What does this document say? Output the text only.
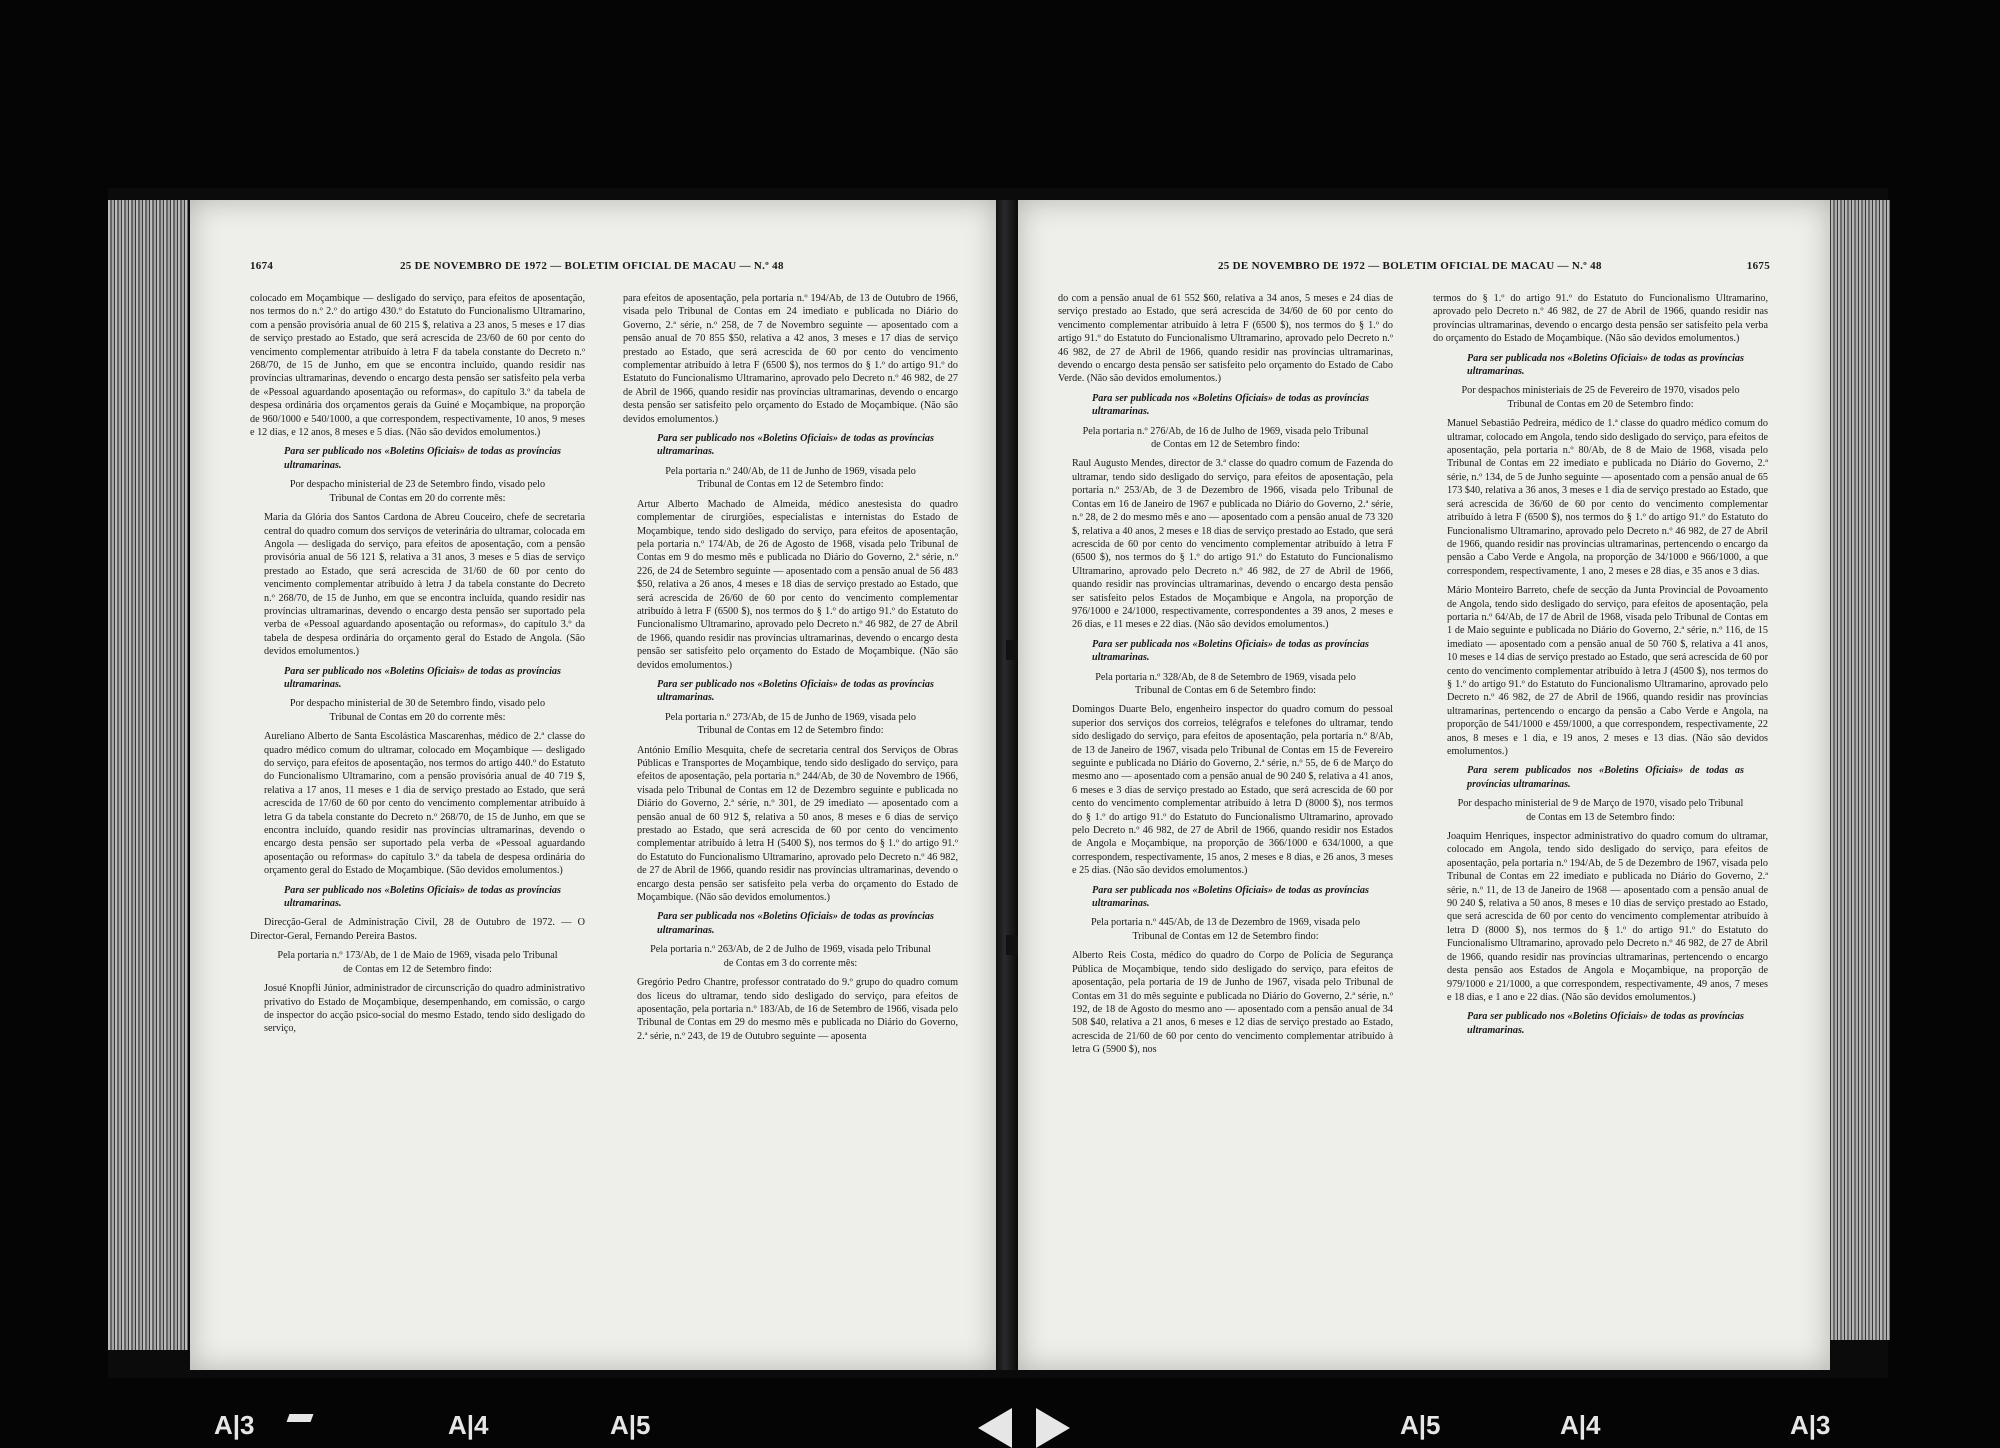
1674	25 DE NOVEMBRO DE 1972 — BOLETIM OFICIAL DE MACAU — N.º 48

colocado em Moçambique — desligado do serviço, para efeitos de aposentação, nos termos do n.º 2.º do artigo 430.º do Estatuto do Funcionalismo Ultramarino, com a pensão provisória anual de 60 215 $, relativa a 23 anos, 5 meses e 17 dias de serviço prestado ao Estado, que será acrescida de 23/60 de 60 por cento do vencimento complementar atribuído à letra F da tabela constante do Decreto n.º 268/70, de 15 de Junho, em que se encontra incluído, quando residir nas províncias ultramarinas, devendo o encargo desta pensão ser satisfeito pela verba de «Pessoal aguardando aposentação ou reformas», do capítulo 3.º da tabela de despesa ordinária dos orçamentos gerais da Guiné e Moçambique, na proporção de 960/1000 e 540/1000, a que correspondem, respectivamente, 10 anos, 9 meses e 12 dias, e 12 anos, 8 meses e 5 dias. (Não são devidos emolumentos.)

Para ser publicado nos «Boletins Oficiais» de todas as províncias ultramarinas.

Por despacho ministerial de 23 de Setembro findo, visado pelo Tribunal de Contas em 20 do corrente mês:

Maria da Glória dos Santos Cardona de Abreu Couceiro, chefe de secretaria central do quadro comum dos serviços de veterinária do ultramar, colocada em Angola — desligada do serviço, para efeitos de aposentação, com a pensão provisória anual de 56 121 $, relativa a 31 anos, 3 meses e 5 dias de serviço prestado ao Estado, que será acrescida de 31/60 de 60 por cento do vencimento complementar atribuído à letra J da tabela constante do Decreto n.º 268/70, de 15 de Junho, em que se encontra incluída, quando residir nas províncias ultramarinas, devendo o encargo desta pensão ser suportado pela verba de «Pessoal aguardando aposentação ou reformas», do capítulo 3.º da tabela de despesa ordinária do orçamento geral do Estado de Angola. (São devidos emolumentos.)

Para ser publicado nos «Boletins Oficiais» de todas as províncias ultramarinas.

Por despacho ministerial de 30 de Setembro findo, visado pelo Tribunal de Contas em 20 do corrente mês:

Aureliano Alberto de Santa Escolástica Mascarenhas, médico de 2.ª classe do quadro médico comum do ultramar, colocado em Moçambique — desligado do serviço, para efeitos de aposentação, nos termos do artigo 440.º do Estatuto do Funcionalismo Ultramarino, com a pensão provisória anual de 40 719 $, relativa a 17 anos, 11 meses e 1 dia de serviço prestado ao Estado, que será acrescida de 17/60 de 60 por cento do vencimento complementar atribuído à letra G da tabela constante do Decreto n.º 268/70, de 15 de Junho, em que se encontra incluído, quando residir nas províncias ultramarinas, devendo o encargo desta pensão ser suportado pela verba de «Pessoal aguardando aposentação ou reformas» do capítulo 3.º da tabela de despesa ordinária do orçamento geral do Estado de Moçambique. (São devidos emolumentos.)

Para ser publicado nos «Boletins Oficiais» de todas as províncias ultramarinas.

Direcção-Geral de Administração Civil, 28 de Outubro de 1972. — O Director-Geral, Fernando Pereira Bastos.

Pela portaria n.º 173/Ab, de 1 de Maio de 1969, visada pelo Tribunal de Contas em 12 de Setembro findo:

Josué Knopfli Júnior, administrador de circunscrição do quadro administrativo privativo do Estado de Moçambique, desempenhando, em comissão, o cargo de inspector do acção psico-social do mesmo Estado, tendo sido desligado do serviço,

para efeitos de aposentação, pela portaria n.º 194/Ab, de 13 de Outubro de 1966, visada pelo Tribunal de Contas em 24 imediato e publicada no Diário do Governo, 2.ª série, n.º 258, de 7 de Novembro seguinte — aposentado com a pensão anual de 70 855 $50, relativa a 42 anos, 3 meses e 17 dias de serviço prestado ao Estado, que será acrescida de 60 por cento do vencimento complementar atribuído à letra F (6500 $), nos termos do § 1.º do artigo 91.º do Estatuto do Funcionalismo Ultramarino, aprovado pelo Decreto n.º 46 982, de 27 de Abril de 1966, quando residir nas províncias ultramarinas, devendo o encargo desta pensão ser satisfeito pelo orçamento do Estado de Moçambique. (Não são devidos emolumentos.)

Para ser publicado nos «Boletins Oficiais» de todas as províncias ultramarinas.

Pela portaria n.º 240/Ab, de 11 de Junho de 1969, visada pelo Tribunal de Contas em 12 de Setembro findo:

Artur Alberto Machado de Almeida, médico anestesista do quadro complementar de cirurgiões, especialistas e internistas do Estado de Moçambique, tendo sido desligado do serviço, para efeitos de aposentação, pela portaria n.º 174/Ab, de 26 de Agosto de 1968, visada pelo Tribunal de Contas em 9 do mesmo mês e publicada no Diário do Governo, 2.ª série, n.º 226, de 24 de Setembro seguinte — aposentado com a pensão anual de 56 483 $50, relativa a 26 anos, 4 meses e 18 dias de serviço prestado ao Estado, que será acrescida de 26/60 de 60 por cento do vencimento complementar atribuído à letra F (6500 $), nos termos do § 1.º do artigo 91.º do Estatuto do Funcionalismo Ultramarino, aprovado pelo Decreto n.º 46 982, de 27 de Abril de 1966, quando residir nas províncias ultramarinas, devendo o encargo desta pensão ser satisfeito pelo orçamento do Estado de Moçambique. (Não são devidos emolumentos.)

Para ser publicado nos «Boletins Oficiais» de todas as províncias ultramarinas.

Pela portaria n.º 273/Ab, de 15 de Junho de 1969, visada pelo Tribunal de Contas em 12 de Setembro findo:

António Emílio Mesquita, chefe de secretaria central dos Serviços de Obras Públicas e Transportes de Moçambique, tendo sido desligado do serviço, para efeitos de aposentação, pela portaria n.º 244/Ab, de 30 de Novembro de 1966, visada pelo Tribunal de Contas em 12 de Dezembro seguinte e publicada no Diário do Governo, 2.ª série, n.º 301, de 29 imediato — aposentado com a pensão anual de 60 912 $, relativa a 50 anos, 8 meses e 6 dias de serviço prestado ao Estado, que será acrescida de 60 por cento do vencimento complementar atribuído à letra H (5400 $), nos termos do § 1.º do artigo 91.º do Estatuto do Funcionalismo Ultramarino, aprovado pelo Decreto n.º 46 982, de 27 de Abril de 1966, quando residir nas províncias ultramarinas, devendo o encargo desta pensão ser satisfeito pela verba do orçamento do Estado de Moçambique. (Não são devidos emolumentos.)

Para ser publicada nos «Boletins Oficiais» de todas as províncias ultramarinas.

Pela portaria n.º 263/Ab, de 2 de Julho de 1969, visada pelo Tribunal de Contas em 3 do corrente mês:

Gregório Pedro Chantre, professor contratado do 9.º grupo do quadro comum dos liceus do ultramar, tendo sido desligado do serviço, para efeitos de aposentação, pela portaria n.º 183/Ab, de 16 de Setembro de 1966, visada pelo Tribunal de Contas em 29 do mesmo mês e publicada no Diário do Governo, 2.ª série, n.º 243, de 19 de Outubro seguinte — aposenta

25 DE NOVEMBRO DE 1972 — BOLETIM OFICIAL DE MACAU — N.º 48	1675

do com a pensão anual de 61 552 $60, relativa a 34 anos, 5 meses e 24 dias de serviço prestado ao Estado, que será acrescida de 34/60 de 60 por cento do vencimento complementar atribuído à letra F (6500 $), nos termos do § 1.º do artigo 91.º do Estatuto do Funcionalismo Ultramarino, aprovado pelo Decreto n.º 46 982, de 27 de Abril de 1966, quando residir nas províncias ultramarinas, devendo o encargo desta pensão ser satisfeito pelo orçamento do Estado de Cabo Verde. (Não são devidos emolumentos.)

Para ser publicada nos «Boletins Oficiais» de todas as províncias ultramarinas.

Pela portaria n.º 276/Ab, de 16 de Julho de 1969, visada pelo Tribunal de Contas em 12 de Setembro findo:

Raul Augusto Mendes, director de 3.ª classe do quadro comum de Fazenda do ultramar, tendo sido desligado do serviço, para efeitos de aposentação, pela portaria n.º 253/Ab, de 3 de Dezembro de 1966, visada pelo Tribunal de Contas em 16 de Janeiro de 1967 e publicada no Diário do Governo, 2.ª série, n.º 28, de 2 do mesmo mês e ano — aposentado com a pensão anual de 73 320 $, relativa a 40 anos, 2 meses e 18 dias de serviço prestado ao Estado, que será acrescida de 60 por cento do vencimento complementar atribuído à letra F (6500 $), nos termos do § 1.º do artigo 91.º do Estatuto do Funcionalismo Ultramarino, aprovado pelo Decreto n.º 46 982, de 27 de Abril de 1966, quando residir nas províncias ultramarinas, devendo o encargo desta pensão ser satisfeito pelos Estados de Moçambique e Angola, na proporção de 976/1000 e 24/1000, respectivamente, correspondentes a 39 anos, 2 meses e 26 dias, e 11 meses e 22 dias. (Não são devidos emolumentos.)

Para ser publicada nos «Boletins Oficiais» de todas as províncias ultramarinas.

Pela portaria n.º 328/Ab, de 8 de Setembro de 1969, visada pelo Tribunal de Contas em 6 de Setembro findo:

Domingos Duarte Belo, engenheiro inspector do quadro comum do pessoal superior dos serviços dos correios, telégrafos e telefones do ultramar, tendo sido desligado do serviço, para efeitos de aposentação, pela portaria n.º 8/Ab, de 13 de Janeiro de 1967, visada pelo Tribunal de Contas em 15 de Fevereiro seguinte e publicada no Diário do Governo, 2.ª série, n.º 55, de 6 de Março do mesmo ano — aposentado com a pensão anual de 90 240 $, relativa a 41 anos, 6 meses e 3 dias de serviço prestado ao Estado, que será acrescida de 60 por cento do vencimento complementar atribuído à letra D (8000 $), nos termos do § 1.º do artigo 91.º do Estatuto do Funcionalismo Ultramarino, aprovado pelo Decreto n.º 46 982, de 27 de Abril de 1966, quando residir nos Estados de Angola e Moçambique, na proporção de 366/1000 e 634/1000, a que correspondem, respectivamente, 15 anos, 2 meses e 8 dias, e 26 anos, 3 meses e 25 dias. (Não são devidos emolumentos.)

Para ser publicada nos «Boletins Oficiais» de todas as províncias ultramarinas.

Pela portaria n.º 445/Ab, de 13 de Dezembro de 1969, visada pelo Tribunal de Contas em 12 de Setembro findo:

Alberto Reis Costa, médico do quadro do Corpo de Polícia de Segurança Pública de Moçambique, tendo sido desligado do serviço, para efeitos de aposentação, pela portaria de 19 de Junho de 1967, visada pelo Tribunal de Contas em 31 do mês seguinte e publicada no Diário do Governo, 2.ª série, n.º 192, de 18 de Agosto do mesmo ano — aposentado com a pensão anual de 34 508 $40, relativa a 21 anos, 6 meses e 12 dias de serviço prestado ao Estado, acrescida de 21/60 de 60 por cento do vencimento complementar atribuído à letra G (5900 $), nos

termos do § 1.º do artigo 91.º do Estatuto do Funcionalismo Ultramarino, aprovado pelo Decreto n.º 46 982, de 27 de Abril de 1966, quando residir nas províncias ultramarinas, devendo o encargo desta pensão ser satisfeito pela verba do orçamento do Estado de Moçambique. (Não são devidos emolumentos.)

Para ser publicada nos «Boletins Oficiais» de todas as províncias ultramarinas.

Por despachos ministeriais de 25 de Fevereiro de 1970, visados pelo Tribunal de Contas em 20 de Setembro findo:

Manuel Sebastião Pedreira, médico de 1.ª classe do quadro médico comum do ultramar, colocado em Angola, tendo sido desligado do serviço, para efeitos de aposentação, pela portaria n.º 80/Ab, de 8 de Maio de 1968, visada pelo Tribunal de Contas em 22 imediato e publicada no Diário do Governo, 2.ª série, n.º 134, de 5 de Junho seguinte — aposentado com a pensão anual de 65 173 $40, relativa a 36 anos, 3 meses e 1 dia de serviço prestado ao Estado, que será acrescida de 36/60 de 60 por cento do vencimento complementar atribuído à letra F (6500 $), nos termos do § 1.º do artigo 91.º do Estatuto do Funcionalismo Ultramarino, aprovado pelo Decreto n.º 46 982, de 27 de Abril de 1966, quando residir nas províncias ultramarinas, pertencendo o encargo da pensão a Cabo Verde e Angola, na proporção de 34/1000 e 966/1000, a que correspondem, respectivamente, 1 ano, 2 meses e 28 dias, e 35 anos e 3 dias.

Mário Monteiro Barreto, chefe de secção da Junta Provincial de Povoamento de Angola, tendo sido desligado do serviço, para efeitos de aposentação, pela portaria n.º 64/Ab, de 17 de Abril de 1968, visada pelo Tribunal de Contas em 1 de Maio seguinte e publicada no Diário do Governo, 2.ª série, n.º 116, de 15 imediato — aposentado com a pensão anual de 50 760 $, relativa a 41 anos, 10 meses e 14 dias de serviço prestado ao Estado, que será acrescida de 60 por cento do vencimento complementar atribuído à letra J (4500 $), nos termos do § 1.º do artigo 91.º do Estatuto do Funcionalismo Ultramarino, aprovado pelo Decreto n.º 46 982, de 27 de Abril de 1966, quando residir nas províncias ultramarinas, pertencendo o encargo da pensão a Cabo Verde e Angola, na proporção de 541/1000 e 459/1000, a que correspondem, respectivamente, 22 anos, 8 meses e 1 dia, e 19 anos, 2 meses e 13 dias. (Não são devidos emolumentos.)

Para serem publicados nos «Boletins Oficiais» de todas as províncias ultramarinas.

Por despacho ministerial de 9 de Março de 1970, visado pelo Tribunal de Contas em 13 de Setembro findo:

Joaquim Henriques, inspector administrativo do quadro comum do ultramar, colocado em Angola, tendo sido desligado do serviço, para efeitos de aposentação, pela portaria n.º 194/Ab, de 5 de Dezembro de 1967, visada pelo Tribunal de Contas em 22 imediato e publicada no Diário do Governo, 2.ª série, n.º 11, de 13 de Janeiro de 1968 — aposentado com a pensão anual de 90 240 $, relativa a 50 anos, 8 meses e 10 dias de serviço prestado ao Estado, que será acrescida de 60 por cento do vencimento complementar atribuído à letra D (8000 $), nos termos do § 1.º do artigo 91.º do Estatuto do Funcionalismo Ultramarino, aprovado pelo Decreto n.º 46 982, de 27 de Abril de 1966, quando residir nas províncias ultramarinas, pertencendo o encargo desta pensão aos Estados de Angola e Moçambique, na proporção de 979/1000 e 21/1000, a que correspondem, respectivamente, 49 anos, 7 meses e 18 dias, e 1 ano e 22 dias. (Não são devidos emolumentos.)

Para ser publicado nos «Boletins Oficiais» de todas as províncias ultramarinas.

A|3	A|4	A|5	A|5	A|4	A|3
